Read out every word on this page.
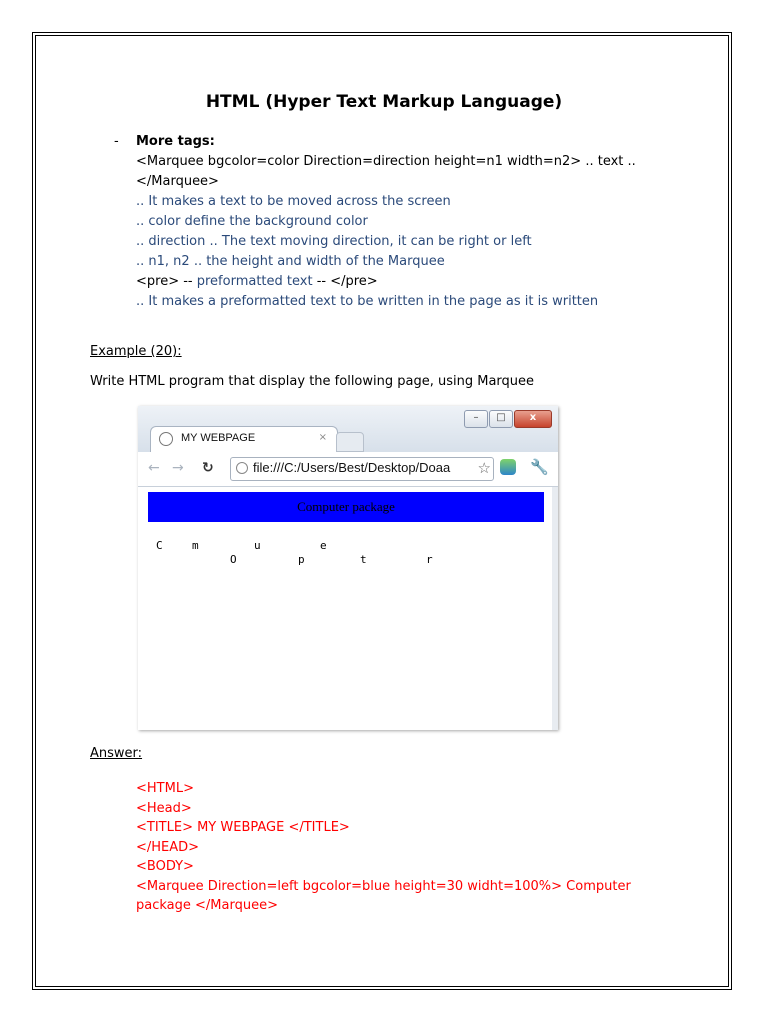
HTML (Hyper Text Markup Language)
- More tags:
<Marquee bgcolor=color Direction=direction height=n1 width=n2> .. text ..
</Marquee>
.. It makes a text to be moved across the screen
.. color define the background color
.. direction .. The text moving direction, it can be right or left
.. n1, n2 .. the height and width of the Marquee
<pre> -- preformatted text -- </pre>
.. It makes a preformatted text to be written in the page as it is written
Example (20):
Write HTML program that display the following page, using Marquee
–	□	x
MY WEBPAGE	×
← → ↻	file:///C:/Users/Best/Desktop/Doaa ☆	🔧
Computer package
C	m	u	e
O	p	t	r
Answer:
<HTML>
<Head>
<TITLE> MY WEBPAGE </TITLE>
</HEAD>
<BODY>
<Marquee Direction=left bgcolor=blue height=30 widht=100%> Computer package </Marquee>
